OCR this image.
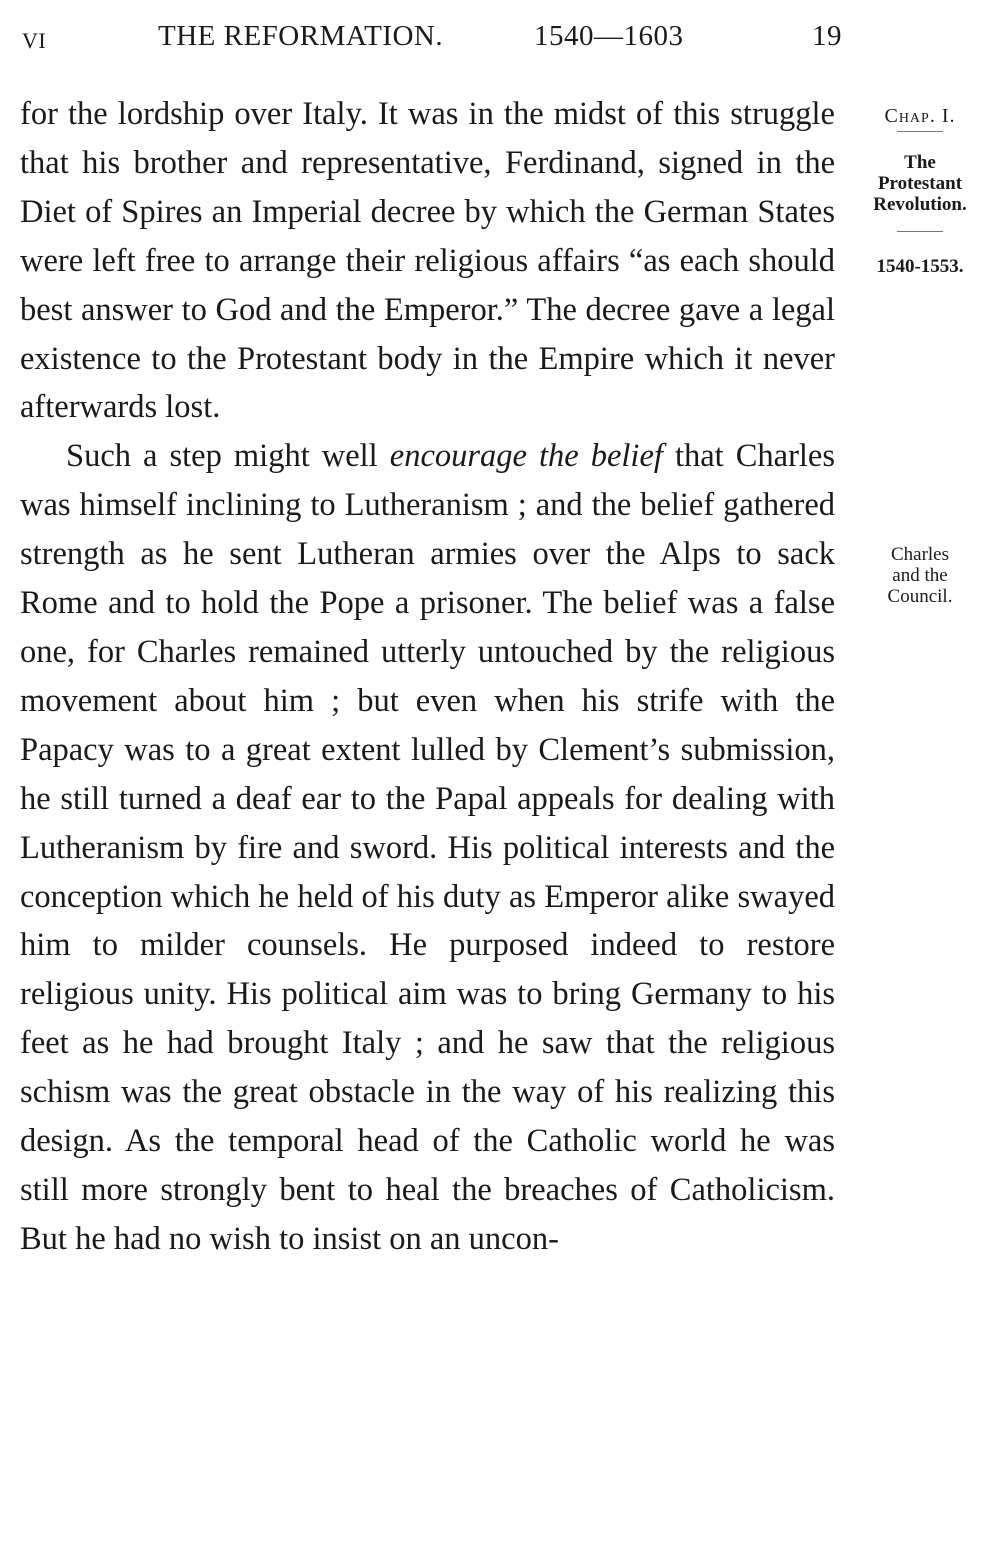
VI	THE REFORMATION.	1540—1603	19

for the lordship over Italy. It was in the midst of this struggle that his brother and representative, Ferdinand, signed in the Diet of Spires an Imperial decree by which the German States were left free to arrange their religious affairs “as each should best answer to God and the Emperor.” The decree gave a legal existence to the Protestant body in the Empire which it never afterwards lost.

Such a step might well encourage the belief that Charles was himself inclining to Lutheranism ; and the belief gathered strength as he sent Lutheran armies over the Alps to sack Rome and to hold the Pope a prisoner. The belief was a false one, for Charles remained utterly untouched by the religious movement about him ; but even when his strife with the Papacy was to a great extent lulled by Clement’s submission, he still turned a deaf ear to the Papal appeals for dealing with Lutheranism by fire and sword. His political interests and the conception which he held of his duty as Emperor alike swayed him to milder counsels. He purposed indeed to restore religious unity. His political aim was to bring Germany to his feet as he had brought Italy ; and he saw that the religious schism was the great obstacle in the way of his realizing this design. As the temporal head of the Catholic world he was still more strongly bent to heal the breaches of Catholicism. But he had no wish to insist on an uncon-

Chap. I.
The
Protestant
Revolution.
1540-1553.
Charles
and the
Council.
